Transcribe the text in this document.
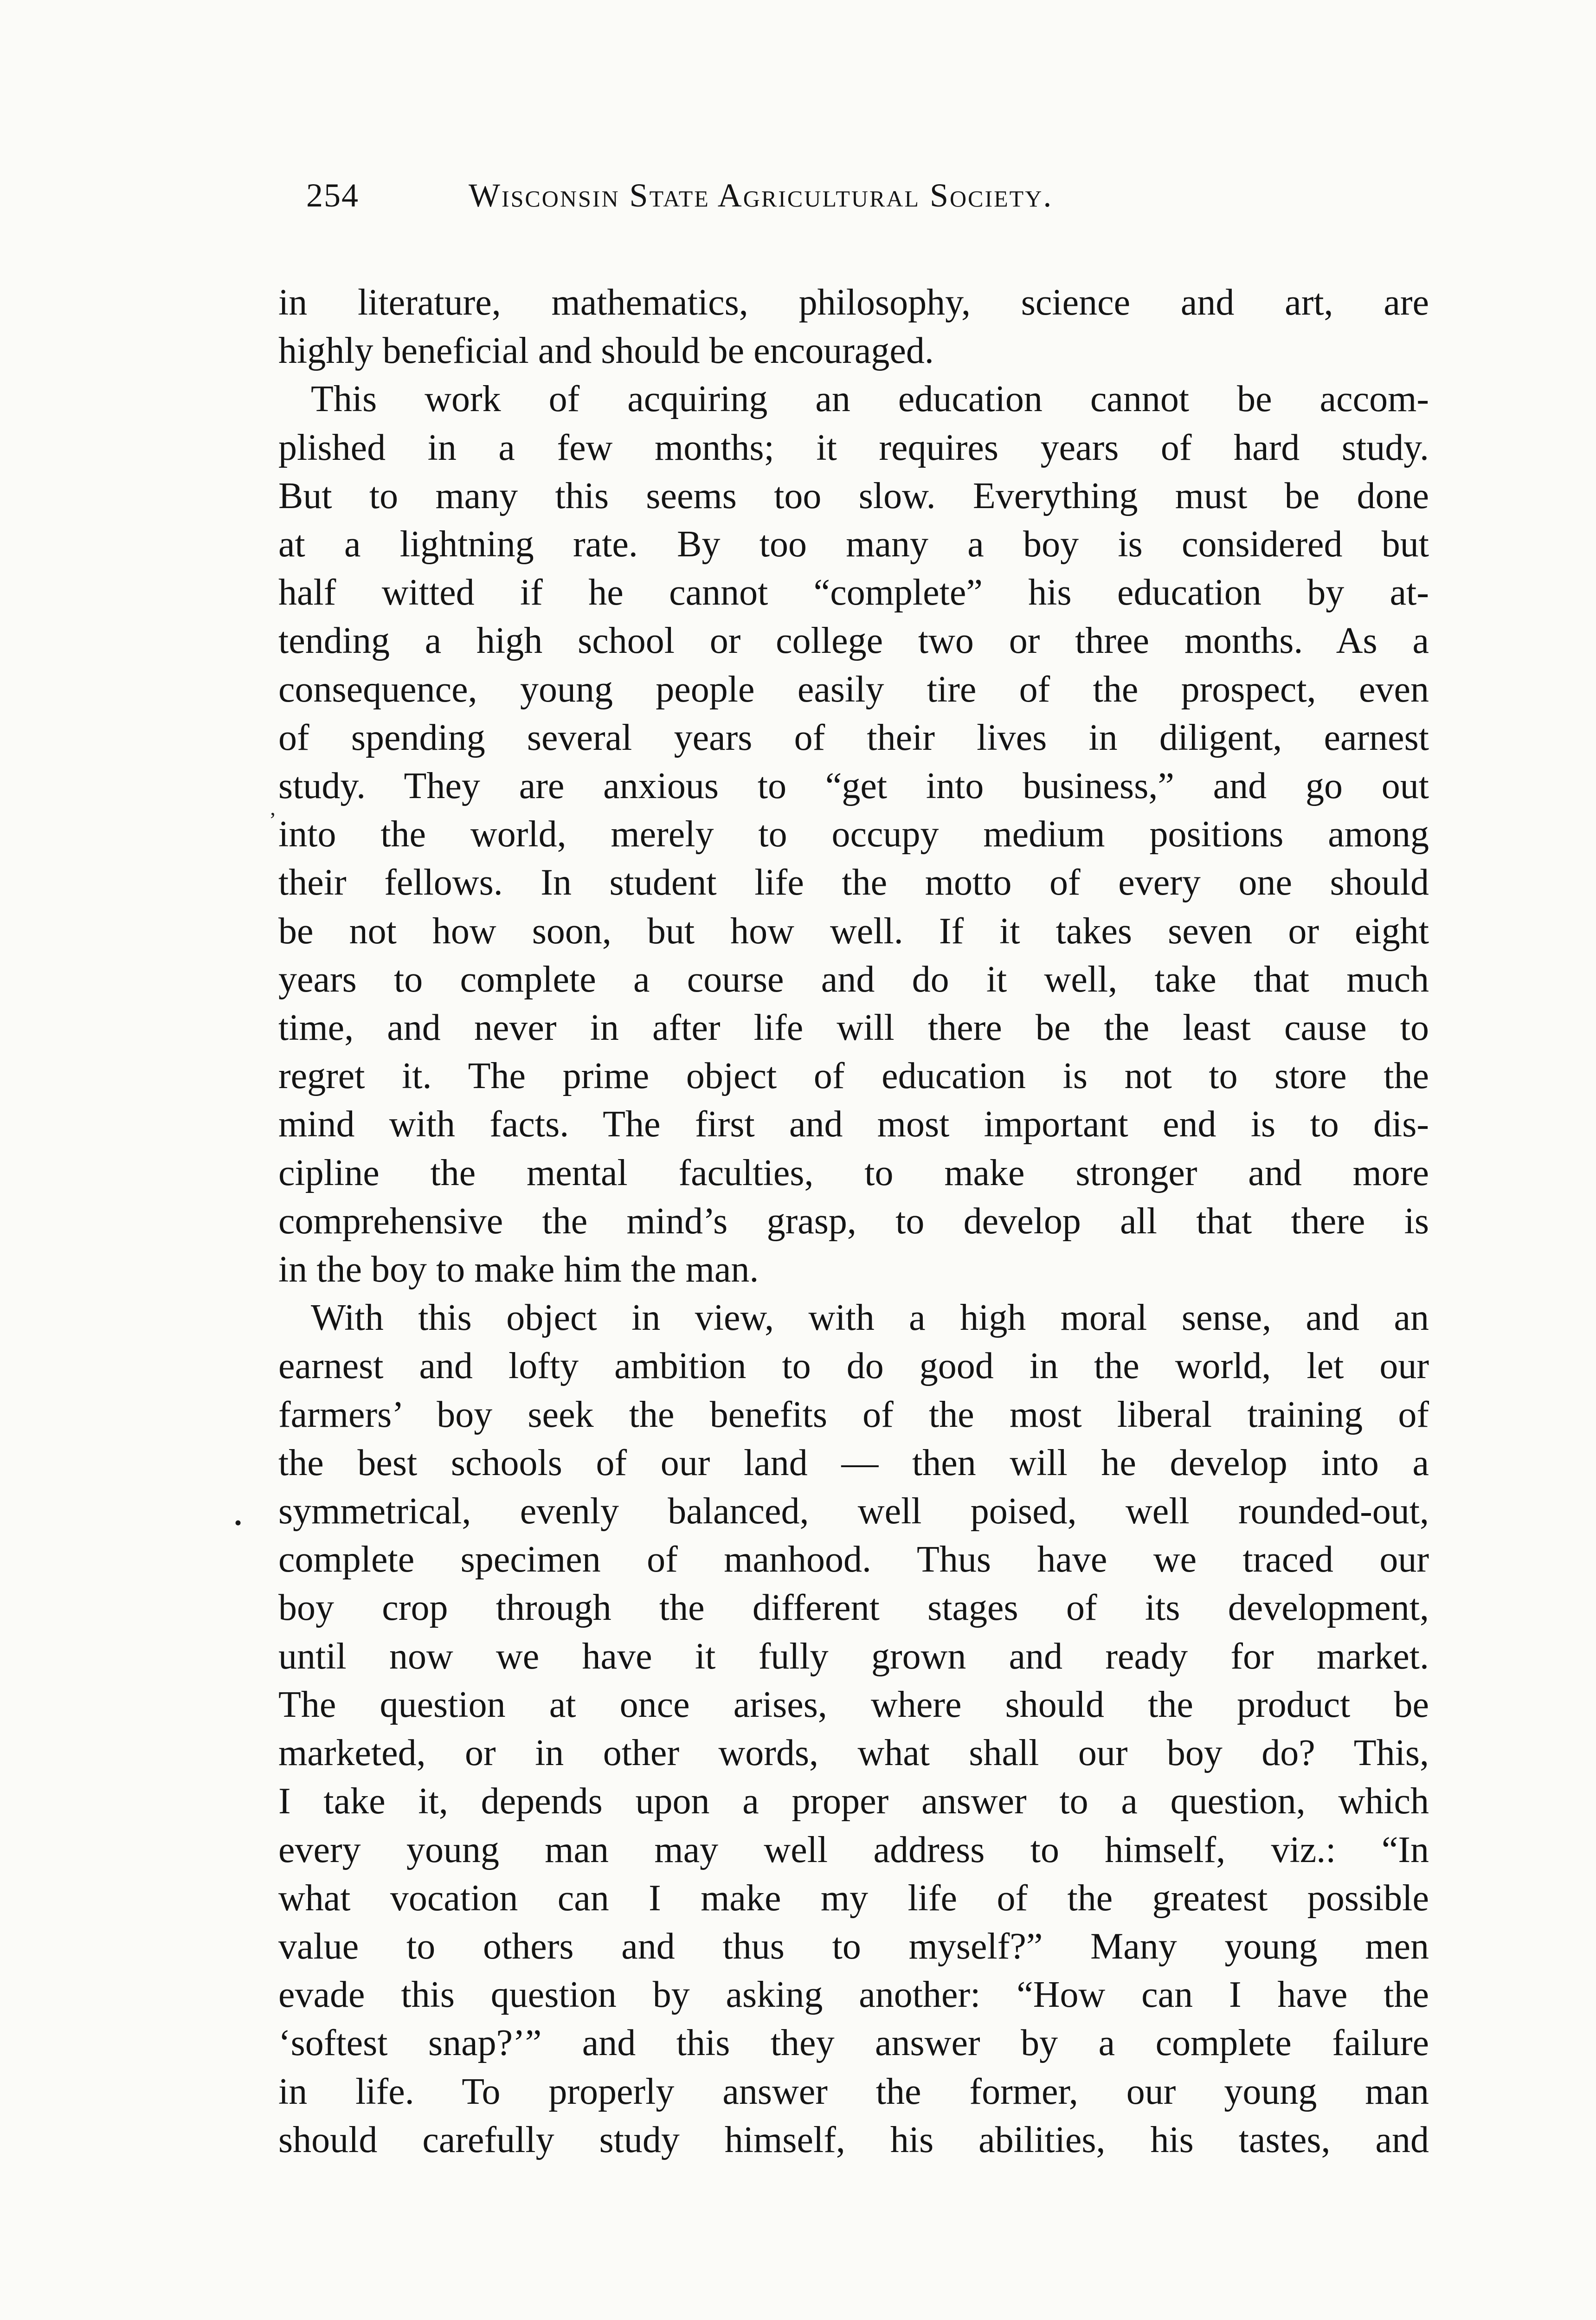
254	Wisconsin State Agricultural Society.

in literature, mathematics, philosophy, science and art, are
highly beneficial and should be encouraged.

This work of acquiring an education cannot be accom-
plished in a few months; it requires years of hard study.
But to many this seems too slow. Everything must be done
at a lightning rate. By too many a boy is considered but
half witted if he cannot “complete” his education by at-
tending a high school or college two or three months. As a
consequence, young people easily tire of the prospect, even
of spending several years of their lives in diligent, earnest
study. They are anxious to “get into business,” and go out
into the world, merely to occupy medium positions among
their fellows. In student life the motto of every one should
be not how soon, but how well. If it takes seven or eight
years to complete a course and do it well, take that much
time, and never in after life will there be the least cause to
regret it. The prime object of education is not to store the
mind with facts. The first and most important end is to dis-
cipline the mental faculties, to make stronger and more
comprehensive the mind’s grasp, to develop all that there is
in the boy to make him the man.

With this object in view, with a high moral sense, and an
earnest and lofty ambition to do good in the world, let our
farmers’ boy seek the benefits of the most liberal training of
the best schools of our land — then will he develop into a
symmetrical, evenly balanced, well poised, well rounded-out,
complete specimen of manhood. Thus have we traced our
boy crop through the different stages of its development,
until now we have it fully grown and ready for market.
The question at once arises, where should the product be
marketed, or in other words, what shall our boy do? This,
I take it, depends upon a proper answer to a question, which
every young man may well address to himself, viz.: “In
what vocation can I make my life of the greatest possible
value to others and thus to myself?” Many young men
evade this question by asking another: “How can I have the
‘softest snap?’” and this they answer by a complete failure
in life. To properly answer the former, our young man
should carefully study himself, his abilities, his tastes, and

’
•
